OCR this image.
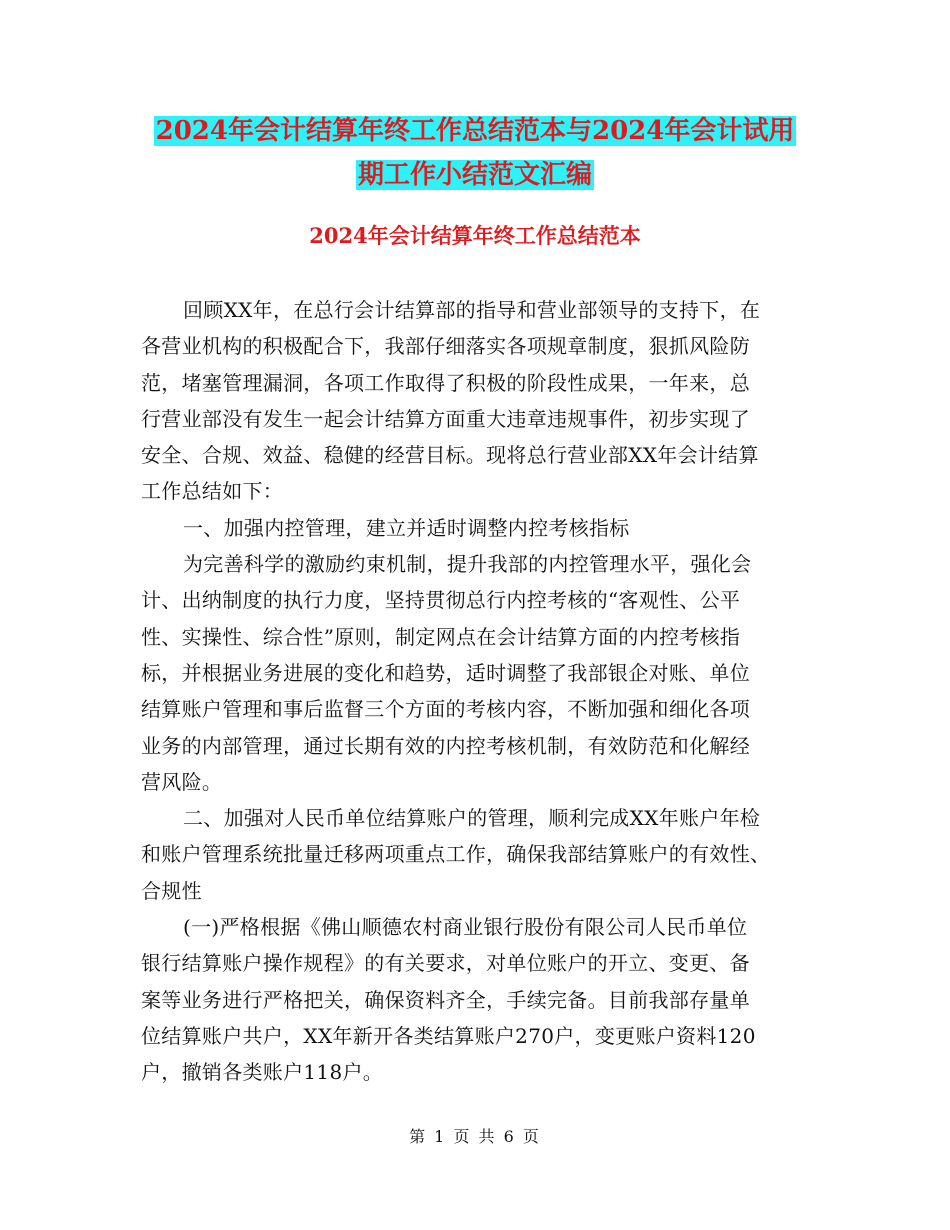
2024年会计结算年终工作总结范本与2024年会计试用
期工作小结范文汇编
2024年会计结算年终工作总结范本
回顾XX年，在总行会计结算部的指导和营业部领导的支持下，在
各营业机构的积极配合下，我部仔细落实各项规章制度，狠抓风险防
范，堵塞管理漏洞，各项工作取得了积极的阶段性成果，一年来，总
行营业部没有发生一起会计结算方面重大违章违规事件，初步实现了
安全、合规、效益、稳健的经营目标。现将总行营业部XX年会计结算
工作总结如下：
一、加强内控管理，建立并适时调整内控考核指标
为完善科学的激励约束机制，提升我部的内控管理水平，强化会
计、出纳制度的执行力度，坚持贯彻总行内控考核的“客观性、公平
性、实操性、综合性”原则，制定网点在会计结算方面的内控考核指
标，并根据业务进展的变化和趋势，适时调整了我部银企对账、单位
结算账户管理和事后监督三个方面的考核内容，不断加强和细化各项
业务的内部管理，通过长期有效的内控考核机制，有效防范和化解经
营风险。
二、加强对人民币单位结算账户的管理，顺利完成XX年账户年检
和账户管理系统批量迁移两项重点工作，确保我部结算账户的有效性、
合规性
(一)严格根据《佛山顺德农村商业银行股份有限公司人民币单位
银行结算账户操作规程》的有关要求，对单位账户的开立、变更、备
案等业务进行严格把关，确保资料齐全，手续完备。目前我部存量单
位结算账户共户，XX年新开各类结算账户270户，变更账户资料120
户，撤销各类账户118户。
第 1 页 共 6 页
